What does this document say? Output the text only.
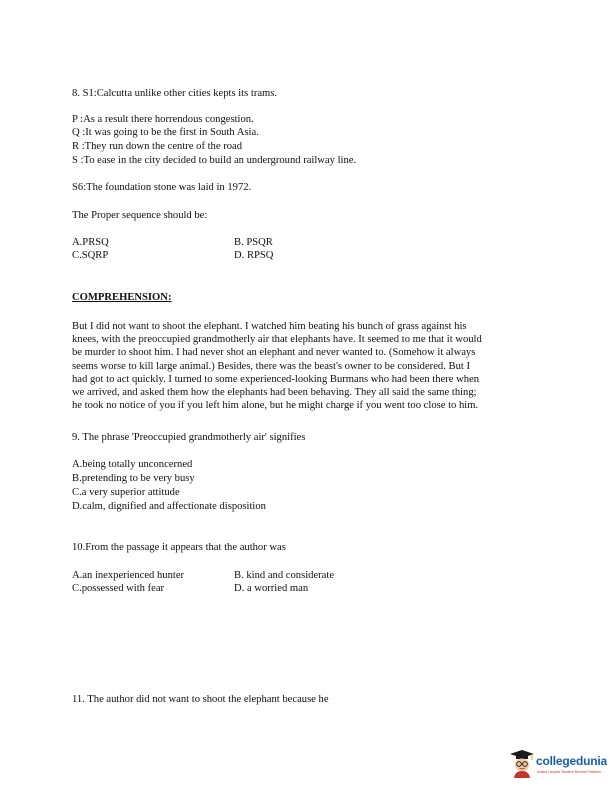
8. S1:Calcutta unlike other cities kepts its trams.
P :As a result there horrendous congestion.
Q :It was going to be the first in South Asia.
R :They run down the centre of the road
S :To ease in the city decided to build an underground railway line.
S6:The foundation stone was laid in 1972.
The Proper sequence should be:
A.PRSQ	B. PSQR
C.SQRP	D. RPSQ
COMPREHENSION:
But I did not want to shoot the elephant. I watched him beating his bunch of grass against his
knees, with the preoccupied grandmotherly air that elephants have. It seemed to me that it would
be murder to shoot him. I had never shot an elephant and never wanted to. (Somehow it always
seems worse to kill large animal.) Besides, there was the beast's owner to be considered. But I
had got to act quickly. I turned to some experienced-looking Burmans who had been there when
we arrived, and asked them how the elephants had been behaving. They all said the same thing;
he took no notice of you if you left him alone, but he might charge if you went too close to him.
9. The phrase 'Preoccupied grandmotherly air' signifies
A.being totally unconcerned
B.pretending to be very busy
C.a very superior attitude
D.calm, dignified and affectionate disposition
10.From the passage it appears that the author was
A.an inexperienced hunter	B. kind and considerate
C.possessed with fear	D. a worried man
11. The author did not want to shoot the elephant because he
collegedunia
India's Largest Student Review Platform
